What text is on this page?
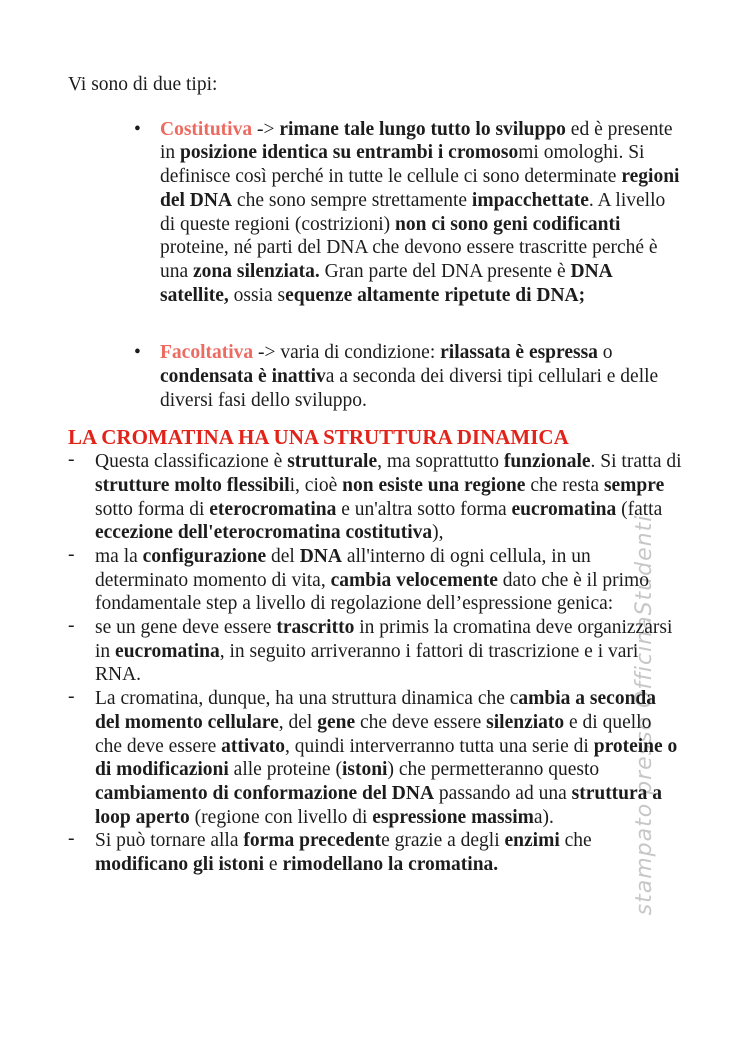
stampato presso OfficinaStudenti

Vi sono di due tipi:

• Costitutiva -> rimane tale lungo tutto lo sviluppo ed è presente in posizione identica su entrambi i cromosomi omologhi. Si definisce così perché in tutte le cellule ci sono determinate regioni del DNA che sono sempre strettamente impacchettate. A livello di queste regioni (costrizioni) non ci sono geni codificanti proteine, né parti del DNA che devono essere trascritte perché è una zona silenziata. Gran parte del DNA presente è DNA satellite, ossia sequenze altamente ripetute di DNA;
• Facoltativa -> varia di condizione: rilassata è espressa o condensata è inattiva a seconda dei diversi tipi cellulari e delle diversi fasi dello sviluppo.
LA CROMATINA HA UNA STRUTTURA DINAMICA
- Questa classificazione è strutturale, ma soprattutto funzionale. Si tratta di strutture molto flessibili, cioè non esiste una regione che resta sempre sotto forma di eterocromatina e un'altra sotto forma eucromatina (fatta eccezione dell'eterocromatina costitutiva),
- ma la configurazione del DNA all'interno di ogni cellula, in un determinato momento di vita, cambia velocemente dato che è il primo fondamentale step a livello di regolazione dell’espressione genica:
- se un gene deve essere trascritto in primis la cromatina deve organizzarsi in eucromatina, in seguito arriveranno i fattori di trascrizione e i vari RNA.
- La cromatina, dunque, ha una struttura dinamica che cambia a seconda del momento cellulare, del gene che deve essere silenziato e di quello che deve essere attivato, quindi interverranno tutta una serie di proteine o di modificazioni alle proteine (istoni) che permetteranno questo cambiamento di conformazione del DNA passando ad una struttura a loop aperto (regione con livello di espressione massima).
- Si può tornare alla forma precedente grazie a degli enzimi che modificano gli istoni e rimodellano la cromatina.
